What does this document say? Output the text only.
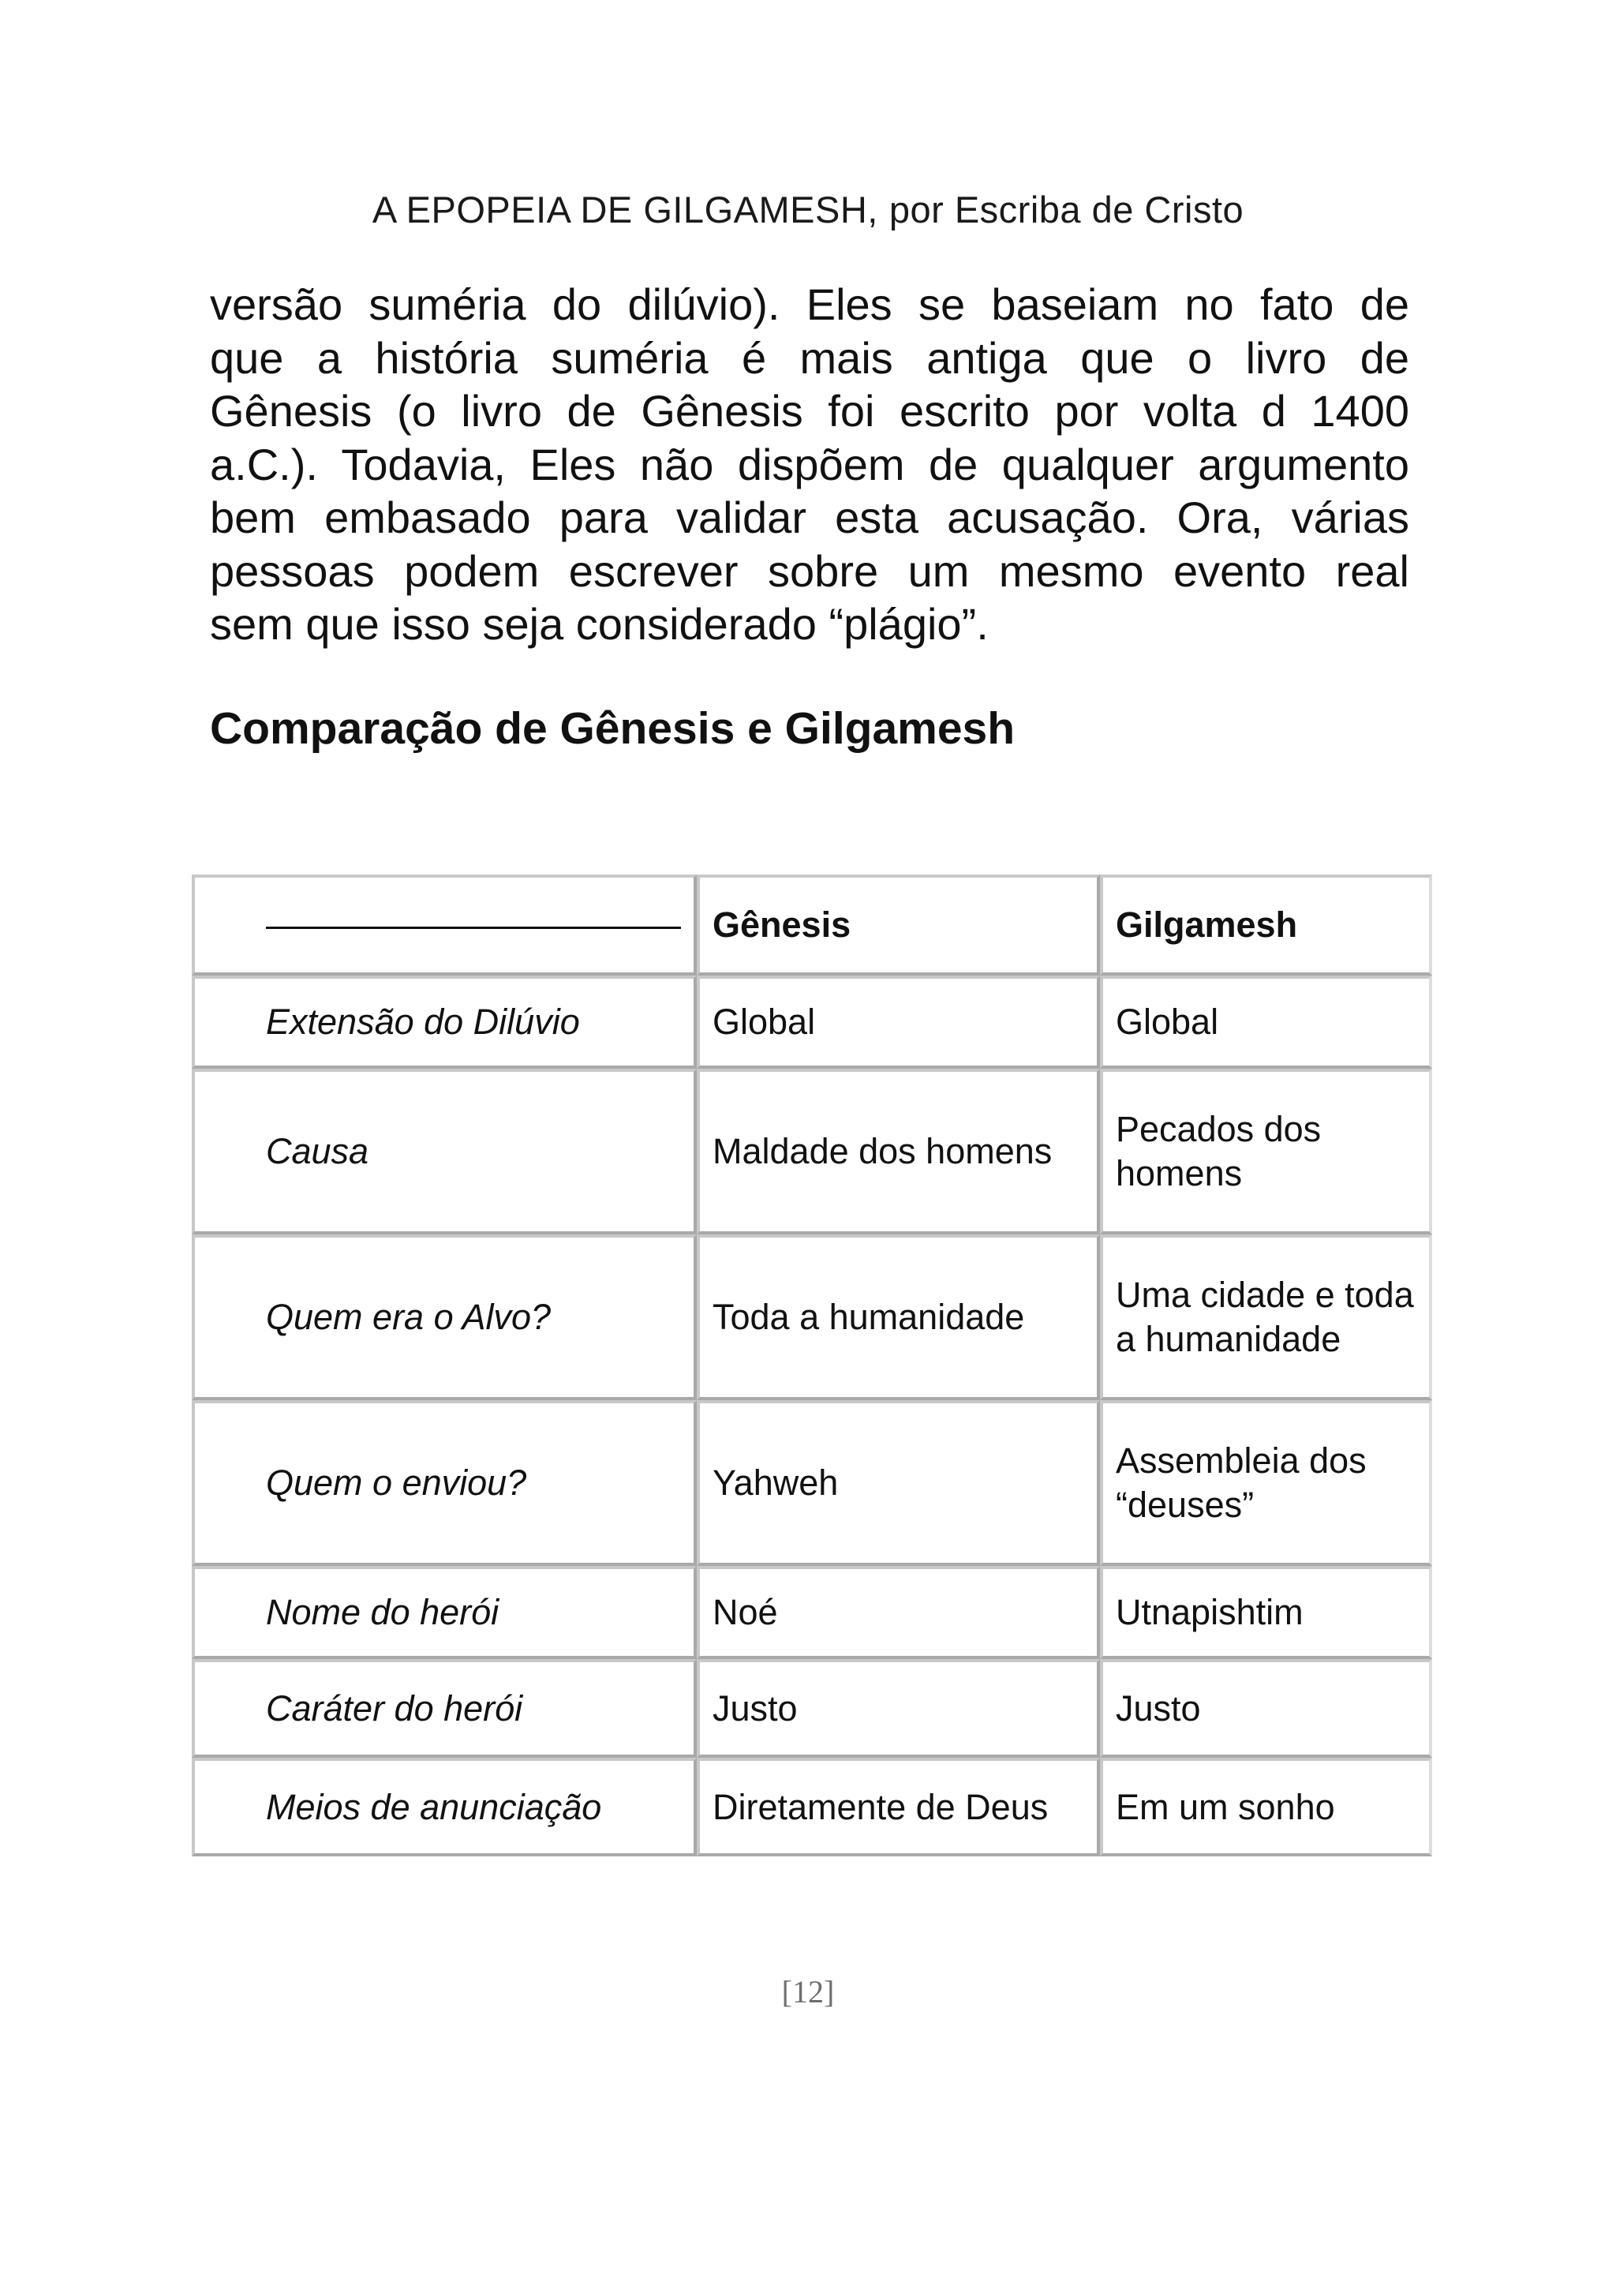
A EPOPEIA DE GILGAMESH, por Escriba de Cristo
versão suméria do dilúvio). Eles se baseiam no fato de
que a história suméria é mais antiga que o livro de
Gênesis (o livro de Gênesis foi escrito por volta d 1400
a.C.). Todavia, Eles não dispõem de qualquer argumento
bem embasado para validar esta acusação. Ora, várias
pessoas podem escrever sobre um mesmo evento real
sem que isso seja considerado “plágio”.
Comparação de Gênesis e Gilgamesh
	Gênesis	Gilgamesh
Extensão do Dilúvio	Global	Global
Causa	Maldade dos homens	Pecados dos homens
Quem era o Alvo?	Toda a humanidade	Uma cidade e toda a humanidade
Quem o enviou?	Yahweh	Assembleia dos “deuses”
Nome do herói	Noé	Utnapishtim
Caráter do herói	Justo	Justo
Meios de anunciação	Diretamente de Deus	Em um sonho
[12]
